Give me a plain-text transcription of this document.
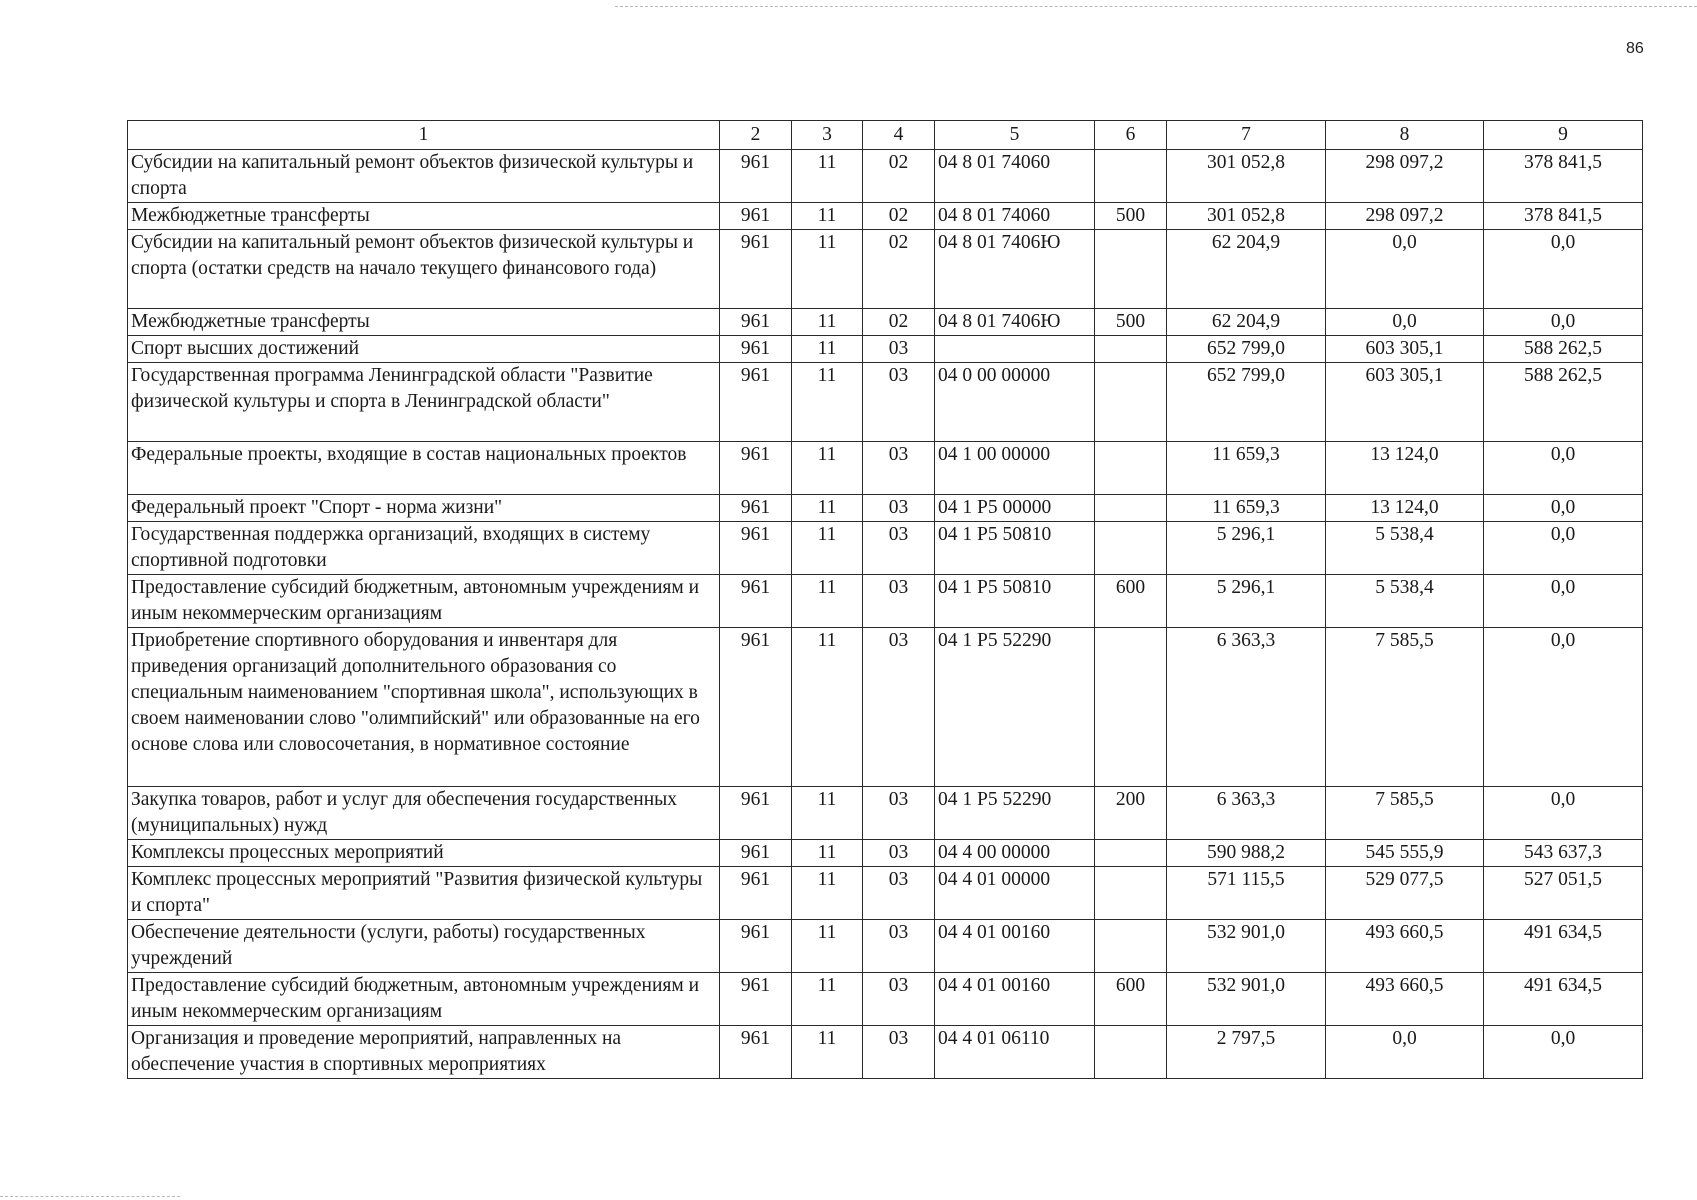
86
1	2	3	4	5	6	7	8	9
Субсидии на капитальный ремонт объектов физической культуры и спорта	961	11	02	04 8 01 74060		301 052,8	298 097,2	378 841,5
Межбюджетные трансферты	961	11	02	04 8 01 74060	500	301 052,8	298 097,2	378 841,5
Субсидии на капитальный ремонт объектов физической культуры и спорта (остатки средств на начало текущего финансового года)	961	11	02	04 8 01 7406Ю		62 204,9	0,0	0,0
Межбюджетные трансферты	961	11	02	04 8 01 7406Ю	500	62 204,9	0,0	0,0
Спорт высших достижений	961	11	03			652 799,0	603 305,1	588 262,5
Государственная программа Ленинградской области "Развитие физической культуры и спорта в Ленинградской области"	961	11	03	04 0 00 00000		652 799,0	603 305,1	588 262,5
Федеральные проекты, входящие в состав национальных проектов	961	11	03	04 1 00 00000		11 659,3	13 124,0	0,0
Федеральный проект "Спорт - норма жизни"	961	11	03	04 1 P5 00000		11 659,3	13 124,0	0,0
Государственная поддержка организаций, входящих в систему спортивной подготовки	961	11	03	04 1 P5 50810		5 296,1	5 538,4	0,0
Предоставление субсидий бюджетным, автономным учреждениям и иным некоммерческим организациям	961	11	03	04 1 P5 50810	600	5 296,1	5 538,4	0,0
Приобретение спортивного оборудования и инвентаря для приведения организаций дополнительного образования со специальным наименованием "спортивная школа", использующих в своем наименовании слово "олимпийский" или образованные на его основе слова или словосочетания, в нормативное состояние	961	11	03	04 1 P5 52290		6 363,3	7 585,5	0,0
Закупка товаров, работ и услуг для обеспечения государственных (муниципальных) нужд	961	11	03	04 1 P5 52290	200	6 363,3	7 585,5	0,0
Комплексы процессных мероприятий	961	11	03	04 4 00 00000		590 988,2	545 555,9	543 637,3
Комплекс процессных мероприятий "Развития физической культуры и спорта"	961	11	03	04 4 01 00000		571 115,5	529 077,5	527 051,5
Обеспечение деятельности (услуги, работы) государственных учреждений	961	11	03	04 4 01 00160		532 901,0	493 660,5	491 634,5
Предоставление субсидий бюджетным, автономным учреждениям и иным некоммерческим организациям	961	11	03	04 4 01 00160	600	532 901,0	493 660,5	491 634,5
Организация и проведение мероприятий, направленных на обеспечение участия в спортивных мероприятиях	961	11	03	04 4 01 06110		2 797,5	0,0	0,0
